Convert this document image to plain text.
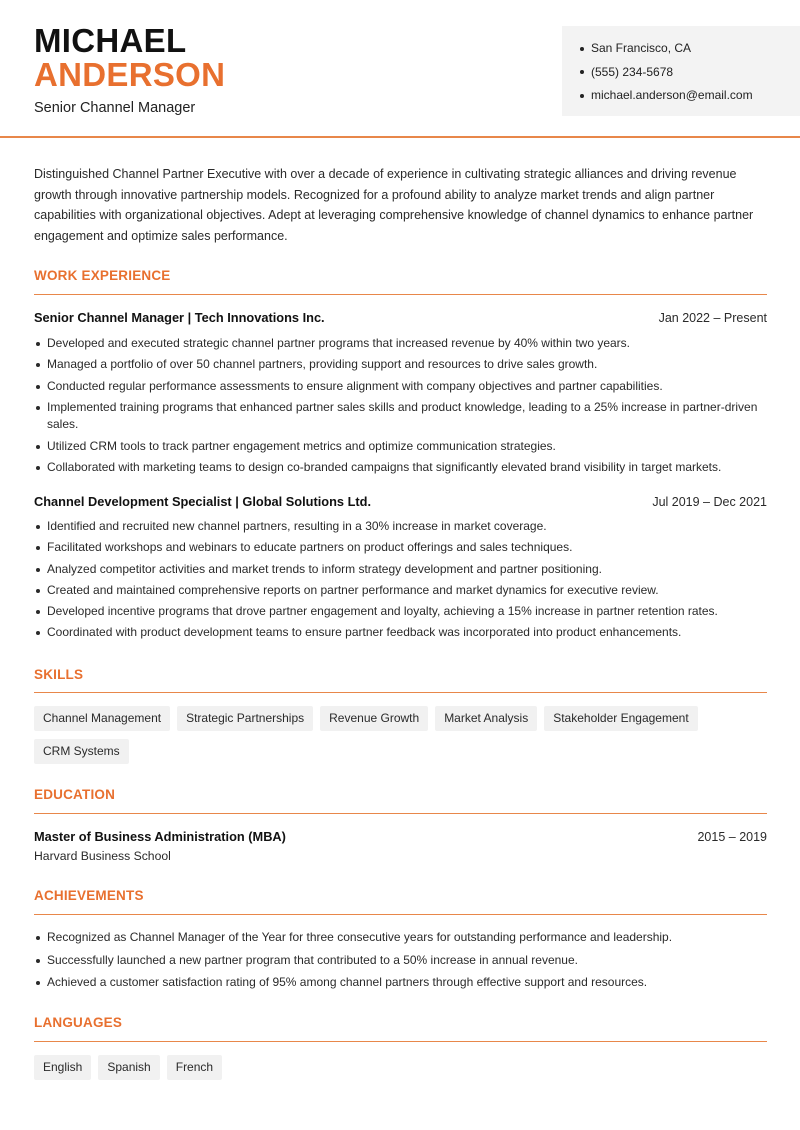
MICHAEL
ANDERSON
Senior Channel Manager
San Francisco, CA
(555) 234-5678
michael.anderson@email.com

Distinguished Channel Partner Executive with over a decade of experience in cultivating strategic alliances and driving revenue growth through innovative partnership models. Recognized for a profound ability to analyze market trends and align partner capabilities with organizational objectives. Adept at leveraging comprehensive knowledge of channel dynamics to enhance partner engagement and optimize sales performance.

WORK EXPERIENCE
Senior Channel Manager | Tech Innovations Inc.	Jan 2022 – Present
Developed and executed strategic channel partner programs that increased revenue by 40% within two years.
Managed a portfolio of over 50 channel partners, providing support and resources to drive sales growth.
Conducted regular performance assessments to ensure alignment with company objectives and partner capabilities.
Implemented training programs that enhanced partner sales skills and product knowledge, leading to a 25% increase in partner-driven sales.
Utilized CRM tools to track partner engagement metrics and optimize communication strategies.
Collaborated with marketing teams to design co-branded campaigns that significantly elevated brand visibility in target markets.
Channel Development Specialist | Global Solutions Ltd.	Jul 2019 – Dec 2021
Identified and recruited new channel partners, resulting in a 30% increase in market coverage.
Facilitated workshops and webinars to educate partners on product offerings and sales techniques.
Analyzed competitor activities and market trends to inform strategy development and partner positioning.
Created and maintained comprehensive reports on partner performance and market dynamics for executive review.
Developed incentive programs that drove partner engagement and loyalty, achieving a 15% increase in partner retention rates.
Coordinated with product development teams to ensure partner feedback was incorporated into product enhancements.
SKILLS
Channel Management	Strategic Partnerships	Revenue Growth	Market Analysis	Stakeholder Engagement
CRM Systems
EDUCATION
Master of Business Administration (MBA)	2015 – 2019
Harvard Business School
ACHIEVEMENTS
Recognized as Channel Manager of the Year for three consecutive years for outstanding performance and leadership.
Successfully launched a new partner program that contributed to a 50% increase in annual revenue.
Achieved a customer satisfaction rating of 95% among channel partners through effective support and resources.
LANGUAGES
English	Spanish	French
